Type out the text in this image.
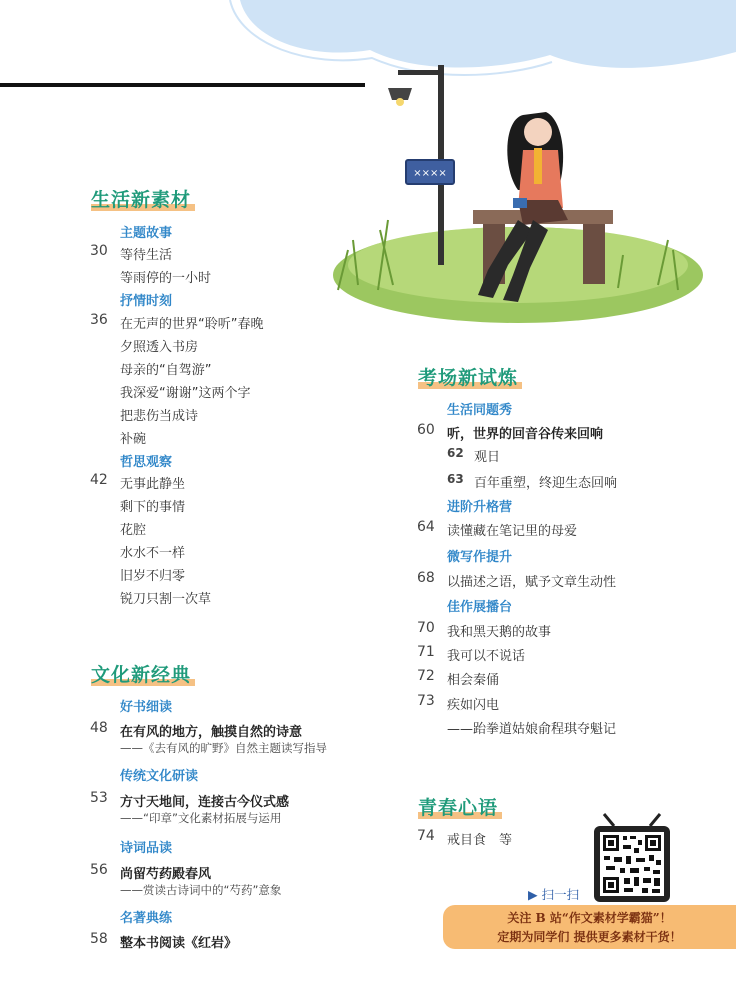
××××
生活新素材
主题故事
30 等待生活
等雨停的一小时
抒情时刻
36 在无声的世界“聆听”春晚
夕照透入书房
母亲的“自驾游”
我深爱“谢谢”这两个字
把悲伤当成诗
补碗
哲思观察
42 无事此静坐
剩下的事情
花腔
水水不一样
旧岁不归零
锐刀只割一次草
文化新经典
好书细读
48 在有风的地方，触摸自然的诗意
——《去有风的旷野》自然主题读写指导
传统文化研读
53 方寸天地间，连接古今仪式感
——“印章”文化素材拓展与运用
诗词品读
56 尚留芍药殿春风
——赏读古诗词中的“芍药”意象
名著典练
58 整本书阅读《红岩》
考场新试炼
生活同题秀
60 听，世界的回音谷传来回响
62 观日
63 百年重塑，终迎生态回响
进阶升格营
64 读懂藏在笔记里的母爱
微写作提升
68 以描述之语，赋予文章生动性
佳作展播台
70 我和黑天鹅的故事
71 我可以不说话
72 相会秦俑
73 疾如闪电
——跆拳道姑娘俞程琪夺魁记
青春心语
74 戒目食　等
▶ 扫一扫
关注 B 站“作文素材学霸猫”！
定期为同学们 提供更多素材干货！
